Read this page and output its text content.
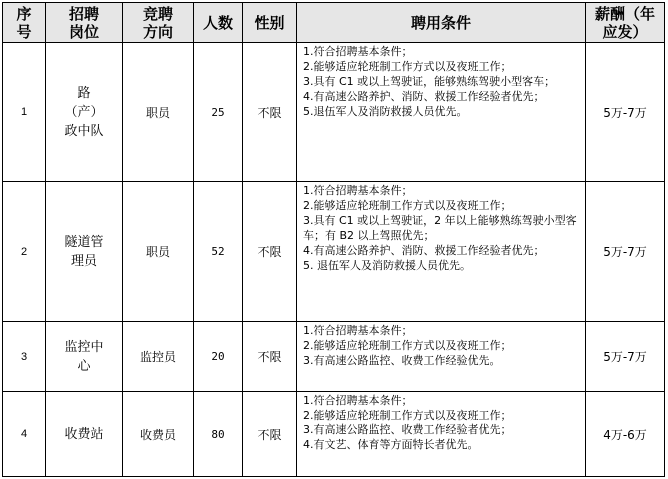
序号	招聘岗位	竞聘方向	人数	性别	聘用条件	薪酬（年应发）
1	路（产）政中队	职员	25	不限	1.符合招聘基本条件；
2.能够适应轮班制工作方式以及夜班工作；
3.具有 C1 或以上驾驶证，能够熟练驾驶小型客车；
4.有高速公路养护、消防、救援工作经验者优先；
5.退伍军人及消防救援人员优先。	5万-7万
2	隧道管理员	职员	52	不限	1.符合招聘基本条件；
2.能够适应轮班制工作方式以及夜班工作；
3.具有 C1 或以上驾驶证，2 年以上能够熟练驾驶小型客车；有 B2 以上驾照优先；
4.有高速公路养护、消防、救援工作经验者优先；
5. 退伍军人及消防救援人员优先。	5万-7万
3	监控中心	监控员	20	不限	1.符合招聘基本条件；
2.能够适应轮班制工作方式以及夜班工作；
3.有高速公路监控、收费工作经验优先。	5万-7万
4	收费站	收费员	80	不限	1.符合招聘基本条件；
2.能够适应轮班制工作方式以及夜班工作；
3.有高速公路监控、收费工作经验者优先；
4.有文艺、体育等方面特长者优先。	4万-6万
